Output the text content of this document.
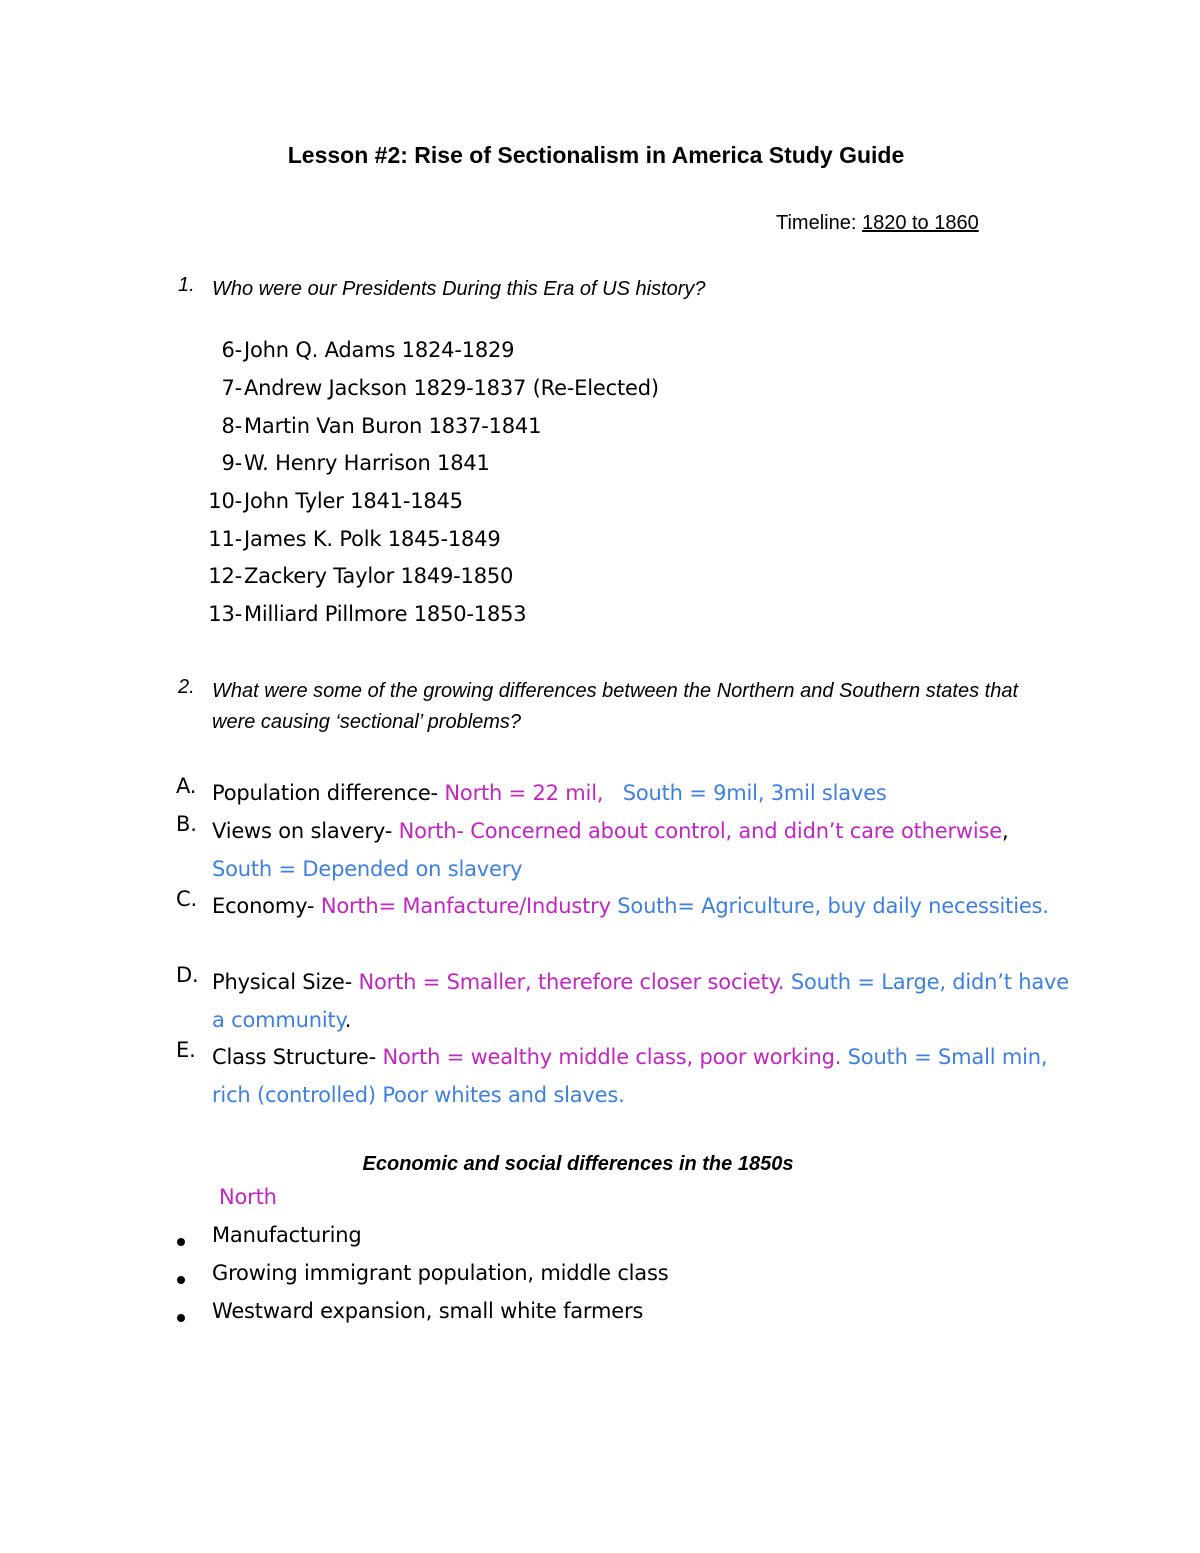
Lesson #2: Rise of Sectionalism in America Study Guide
Timeline: 1820 to 1860
1. Who were our Presidents During this Era of US history?
6- John Q. Adams 1824-1829
7- Andrew Jackson 1829-1837 (Re-Elected)
8- Martin Van Buron 1837-1841
9- W. Henry Harrison 1841
10- John Tyler 1841-1845
11- James K. Polk 1845-1849
12- Zackery Taylor 1849-1850
13- Milliard Pillmore 1850-1853
2. What were some of the growing differences between the Northern and Southern states that were causing ‘sectional’ problems?
A. Population difference- North = 22 mil, South = 9mil, 3mil slaves
B. Views on slavery- North- Concerned about control, and didn’t care otherwise, South = Depended on slavery
C. Economy- North= Manfacture/Industry South= Agriculture, buy daily necessities.
D. Physical Size- North = Smaller, therefore closer society. South = Large, didn’t have a community.
E. Class Structure- North = wealthy middle class, poor working. South = Small min, rich (controlled) Poor whites and slaves.
Economic and social differences in the 1850s
North
Manufacturing
Growing immigrant population, middle class
Westward expansion, small white farmers
